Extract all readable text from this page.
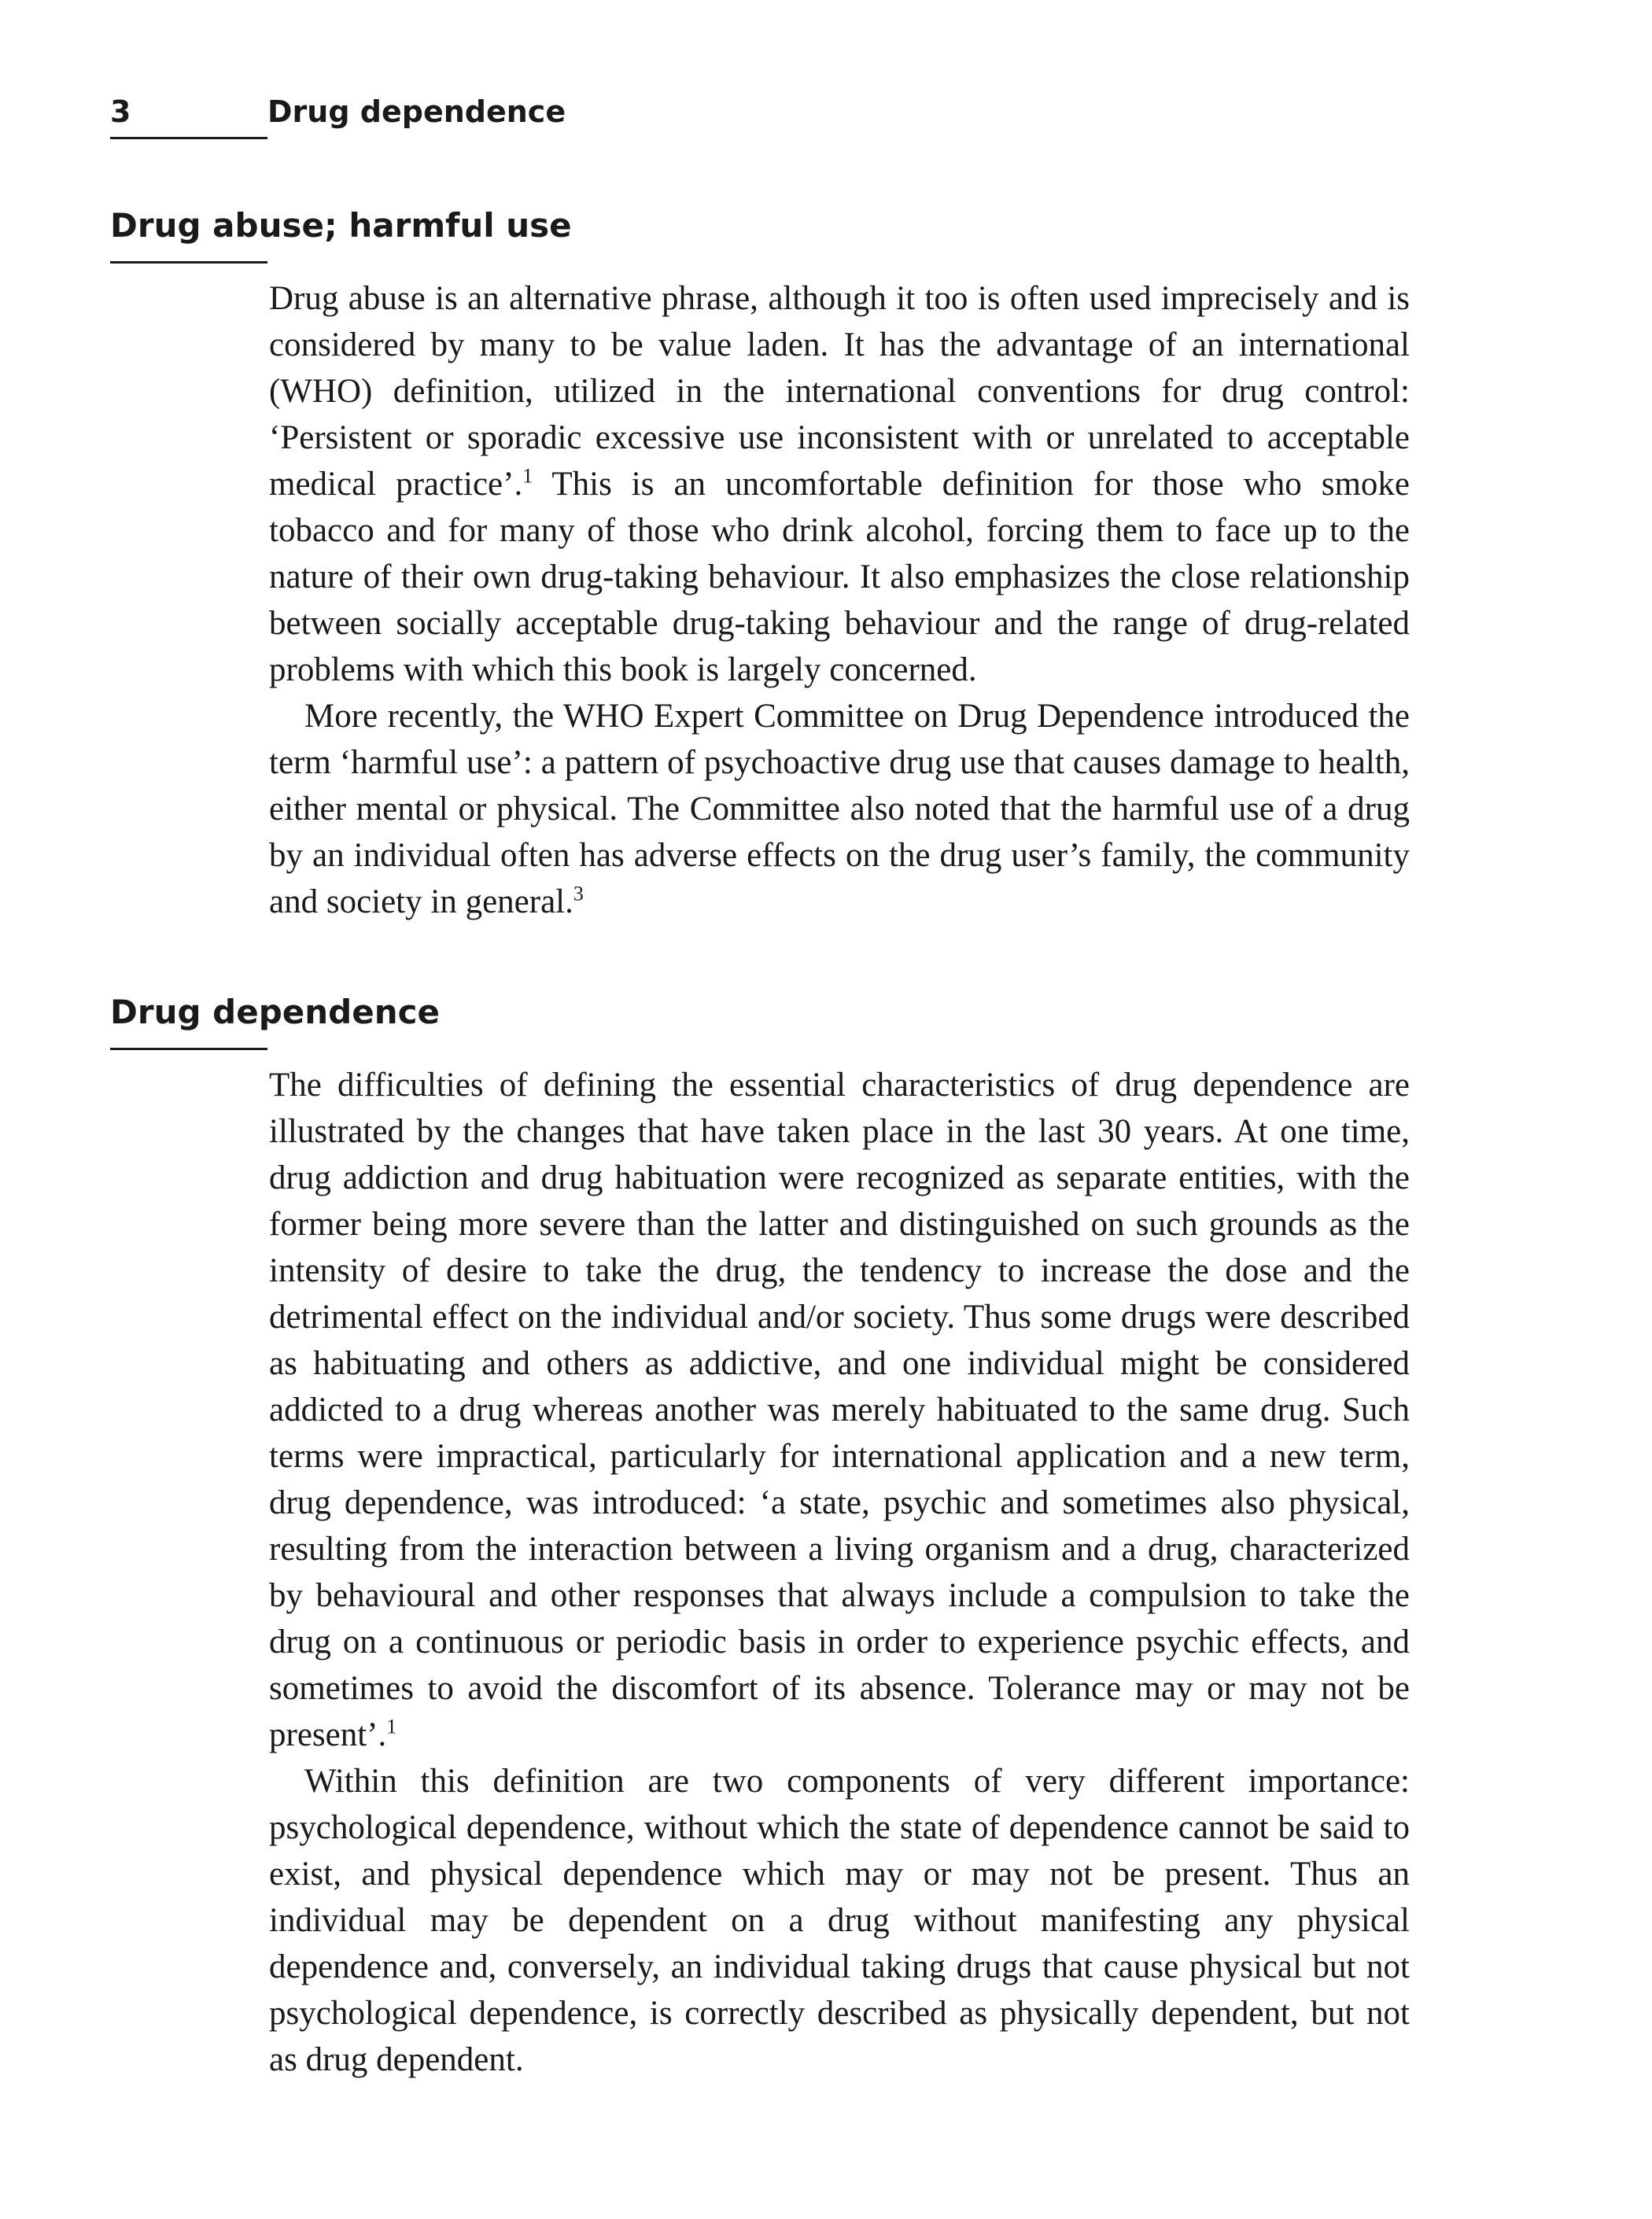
3	Drug dependence
Drug abuse; harmful use

Drug abuse is an alternative phrase, although it too is often used imprecisely and is considered by many to be value laden. It has the advantage of an international (WHO) definition, utilized in the international conventions for drug control: ‘Persistent or sporadic excessive use inconsistent with or unrelated to acceptable medical practice’.$^1$ This is an uncomfortable definition for those who smoke tobacco and for many of those who drink alcohol, forcing them to face up to the nature of their own drug-taking behaviour. It also emphasizes the close relationship between socially acceptable drug-taking behaviour and the range of drug-related problems with which this book is largely concerned.

More recently, the WHO Expert Committee on Drug Dependence introduced the term ‘harmful use’: a pattern of psychoactive drug use that causes damage to health, either mental or physical. The Committee also noted that the harmful use of a drug by an individual often has adverse effects on the drug user’s family, the community and society in general.$^3$

Drug dependence

The difficulties of defining the essential characteristics of drug dependence are illustrated by the changes that have taken place in the last 30 years. At one time, drug addiction and drug habituation were recognized as separate entities, with the former being more severe than the latter and distinguished on such grounds as the intensity of desire to take the drug, the tendency to increase the dose and the detrimental effect on the individual and/or society. Thus some drugs were described as habituating and others as addictive, and one individual might be considered addicted to a drug whereas another was merely habituated to the same drug. Such terms were impractical, particularly for international application and a new term, drug dependence, was introduced: ‘a state, psychic and sometimes also physical, resulting from the interaction between a living organism and a drug, characterized by behavioural and other responses that always include a compulsion to take the drug on a continuous or periodic basis in order to experience psychic effects, and sometimes to avoid the discomfort of its absence. Tolerance may or may not be present’.$^1$

Within this definition are two components of very different importance: psychological dependence, without which the state of dependence cannot be said to exist, and physical dependence which may or may not be present. Thus an individual may be dependent on a drug without manifesting any physical dependence and, conversely, an individual taking drugs that cause physical but not psychological dependence, is correctly described as physically dependent, but not as drug dependent.
